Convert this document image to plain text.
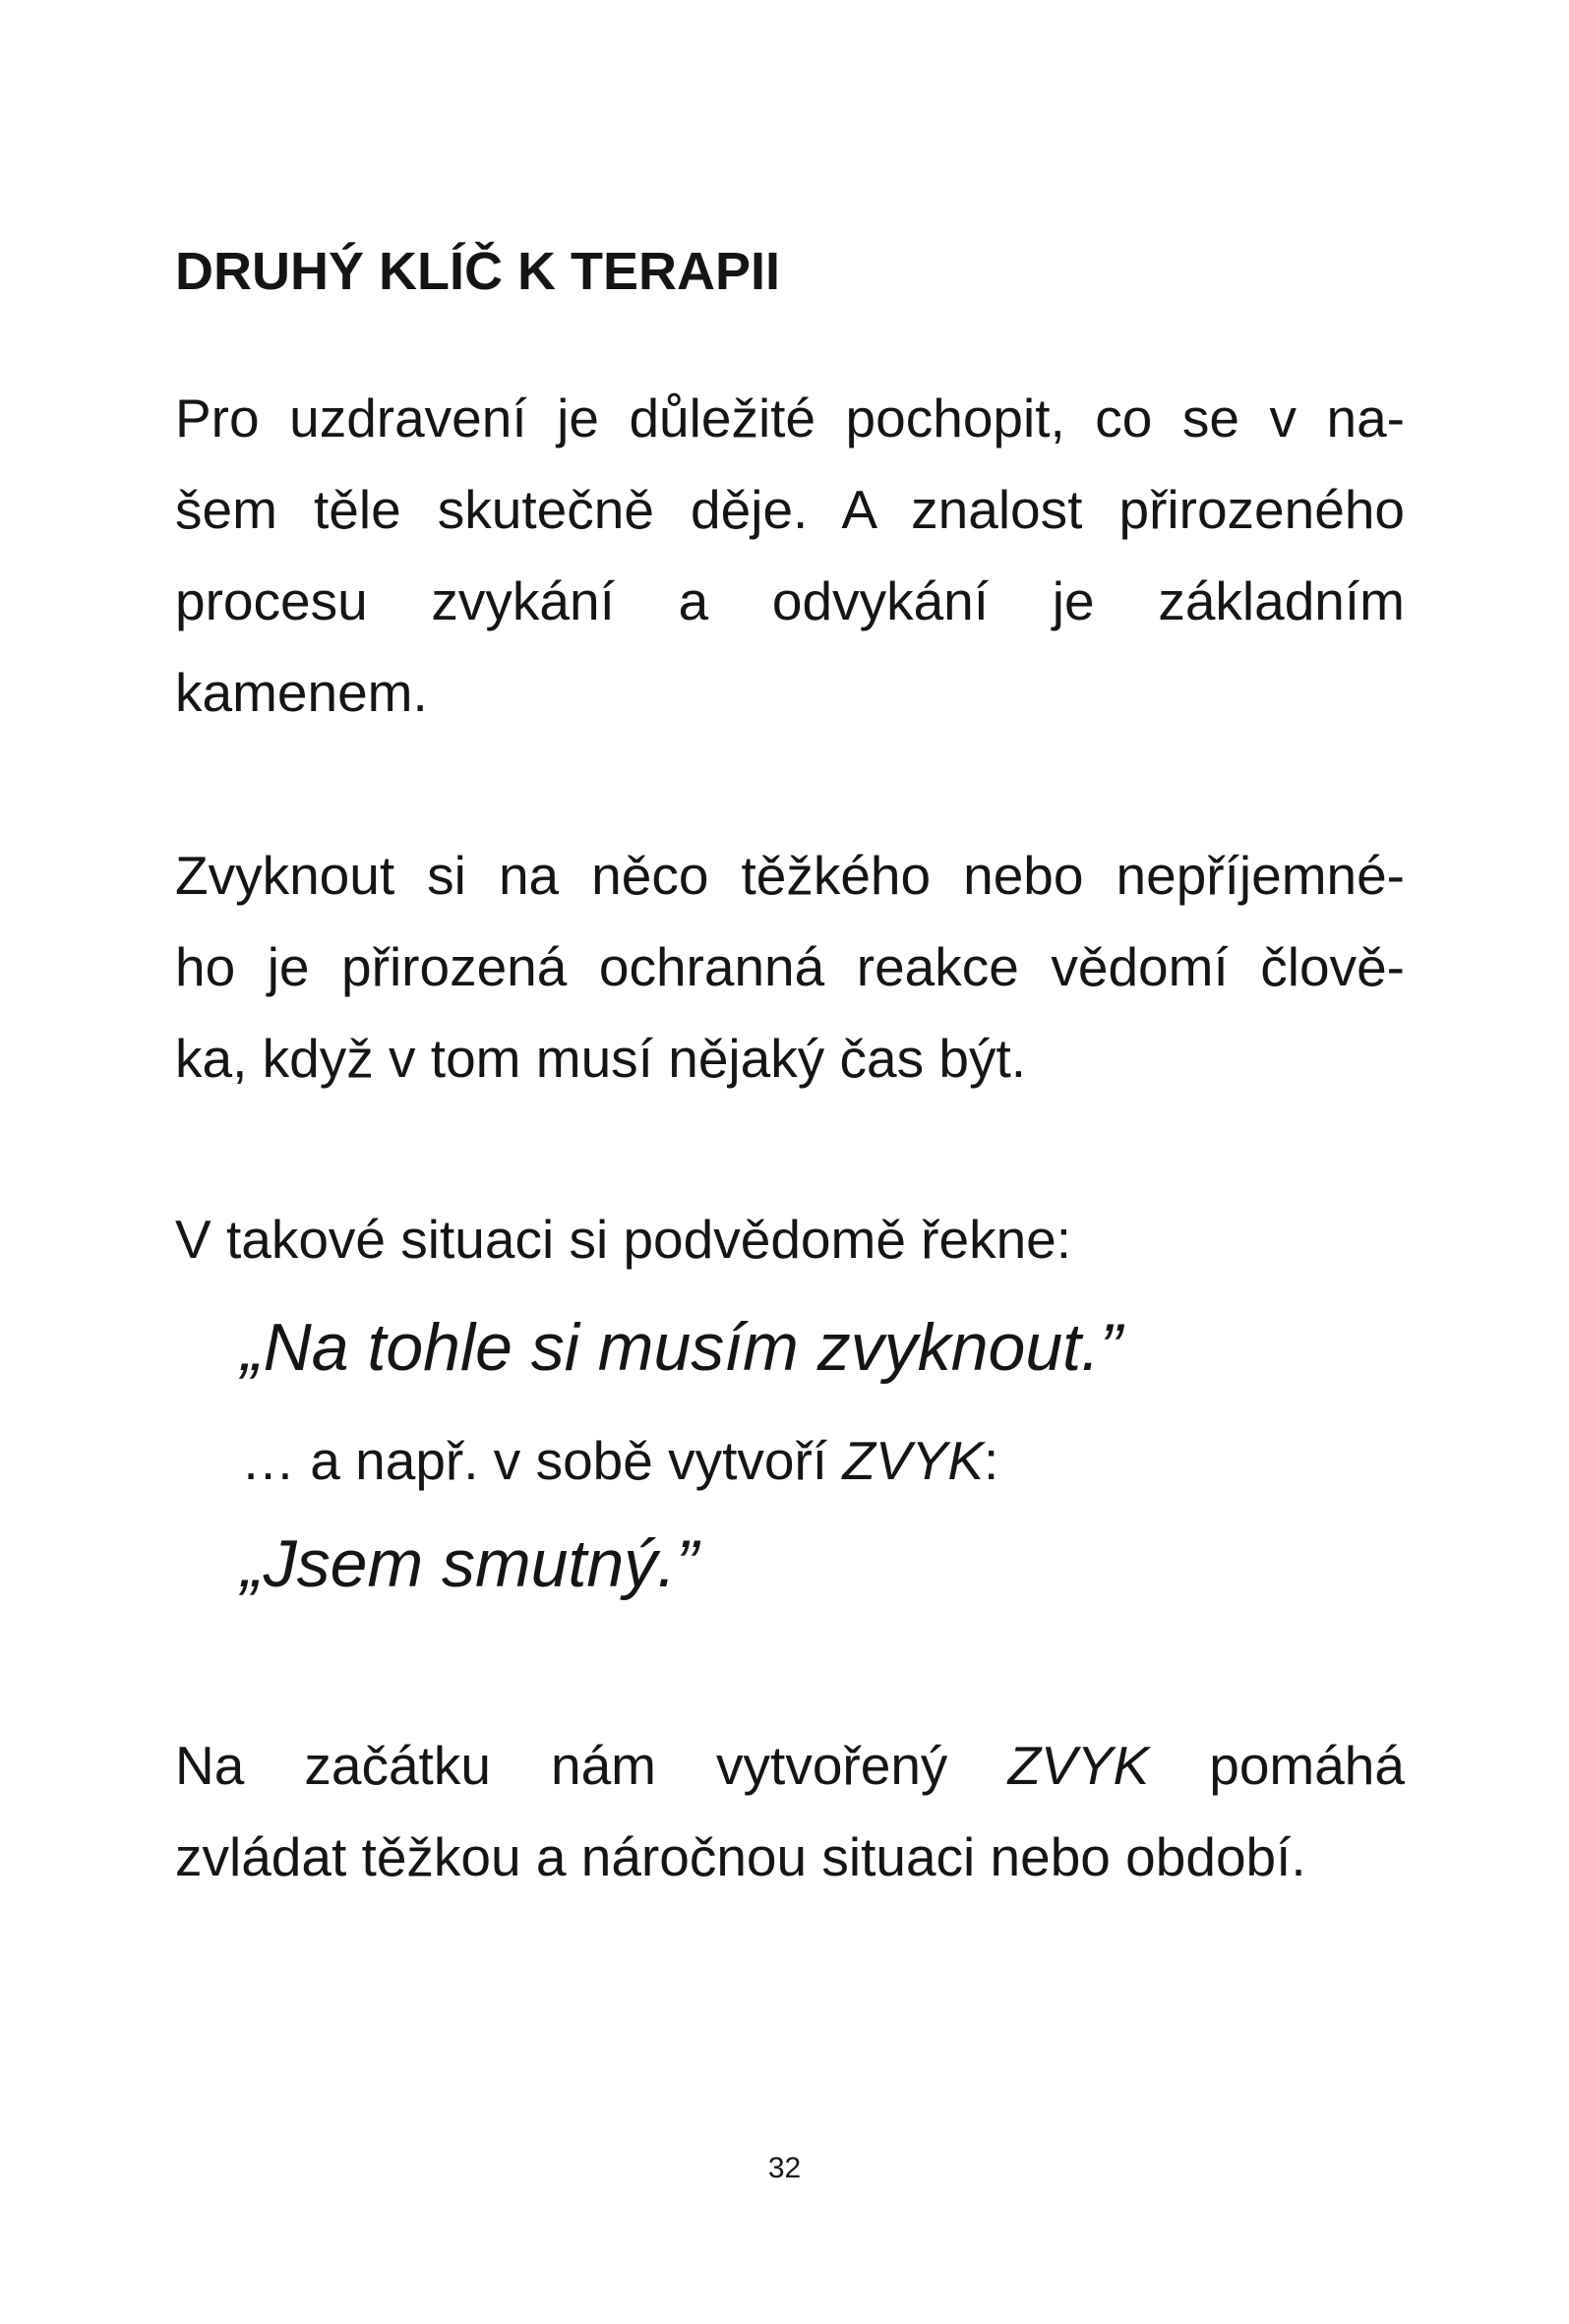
DRUHÝ KLÍČ K TERAPII
Pro uzdravení je důležité pochopit, co se v na-
šem těle skutečně děje. A znalost přirozeného
procesu zvykání a odvykání je základním
kamenem.
Zvyknout si na něco těžkého nebo nepříjemné-
ho je přirozená ochranná reakce vědomí člově-
ka, když v tom musí nějaký čas být.
V takové situaci si podvědomě řekne:
„Na tohle si musím zvyknout.”
… a např. v sobě vytvoří ZVYK:
„Jsem smutný.”
Na začátku nám vytvořený ZVYK pomáhá
zvládat těžkou a náročnou situaci nebo období.
32
